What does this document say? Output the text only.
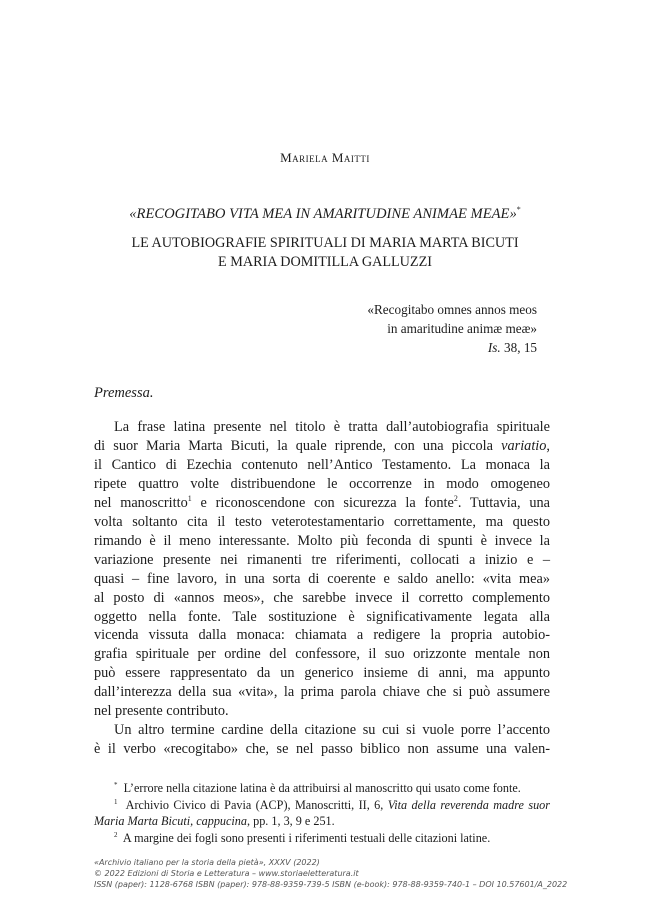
Mariela Maitti
«RECOGITABO VITA MEA IN AMARITUDINE ANIMAE MEAE»*
LE AUTOBIOGRAFIE SPIRITUALI DI MARIA MARTA BICUTI
E MARIA DOMITILLA GALLUZZI
«Recogitabo omnes annos meos
in amaritudine animæ meæ»
Is. 38, 15
Premessa.
La frase latina presente nel titolo è tratta dall’autobiografia spirituale
di suor Maria Marta Bicuti, la quale riprende, con una piccola variatio,
il Cantico di Ezechia contenuto nell’Antico Testamento. La monaca la
ripete quattro volte distribuendone le occorrenze in modo omogeneo
nel manoscritto$^1$ e riconoscendone con sicurezza la fonte$^2$. Tuttavia, una
volta soltanto cita il testo veterotestamentario correttamente, ma questo
rimando è il meno interessante. Molto più feconda di spunti è invece la
variazione presente nei rimanenti tre riferimenti, collocati a inizio e –
quasi – fine lavoro, in una sorta di coerente e saldo anello: «vita mea»
al posto di «annos meos», che sarebbe invece il corretto complemento
oggetto nella fonte. Tale sostituzione è significativamente legata alla
vicenda vissuta dalla monaca: chiamata a redigere la propria autobio-
grafia spirituale per ordine del confessore, il suo orizzonte mentale non
può essere rappresentato da un generico insieme di anni, ma appunto
dall’interezza della sua «vita», la prima parola chiave che si può assumere
nel presente contributo.
Un altro termine cardine della citazione su cui si vuole porre l’accento
è il verbo «recogitabo» che, se nel passo biblico non assume una valen-
* L’errore nella citazione latina è da attribuirsi al manoscritto qui usato come fonte.
$^1$ Archivio Civico di Pavia (ACP), Manoscritti, II, 6, Vita della reverenda madre suor
Maria Marta Bicuti, cappucina, pp. 1, 3, 9 e 251.
$^2$ A margine dei fogli sono presenti i riferimenti testuali delle citazioni latine.
«Archivio italiano per la storia della pietà», XXXV (2022)
© 2022 Edizioni di Storia e Letteratura – www.storiaeletteratura.it
ISSN (paper): 1128-6768 ISBN (paper): 978-88-9359-739-5 ISBN (e-book): 978-88-9359-740-1 – DOI 10.57601/A_2022
